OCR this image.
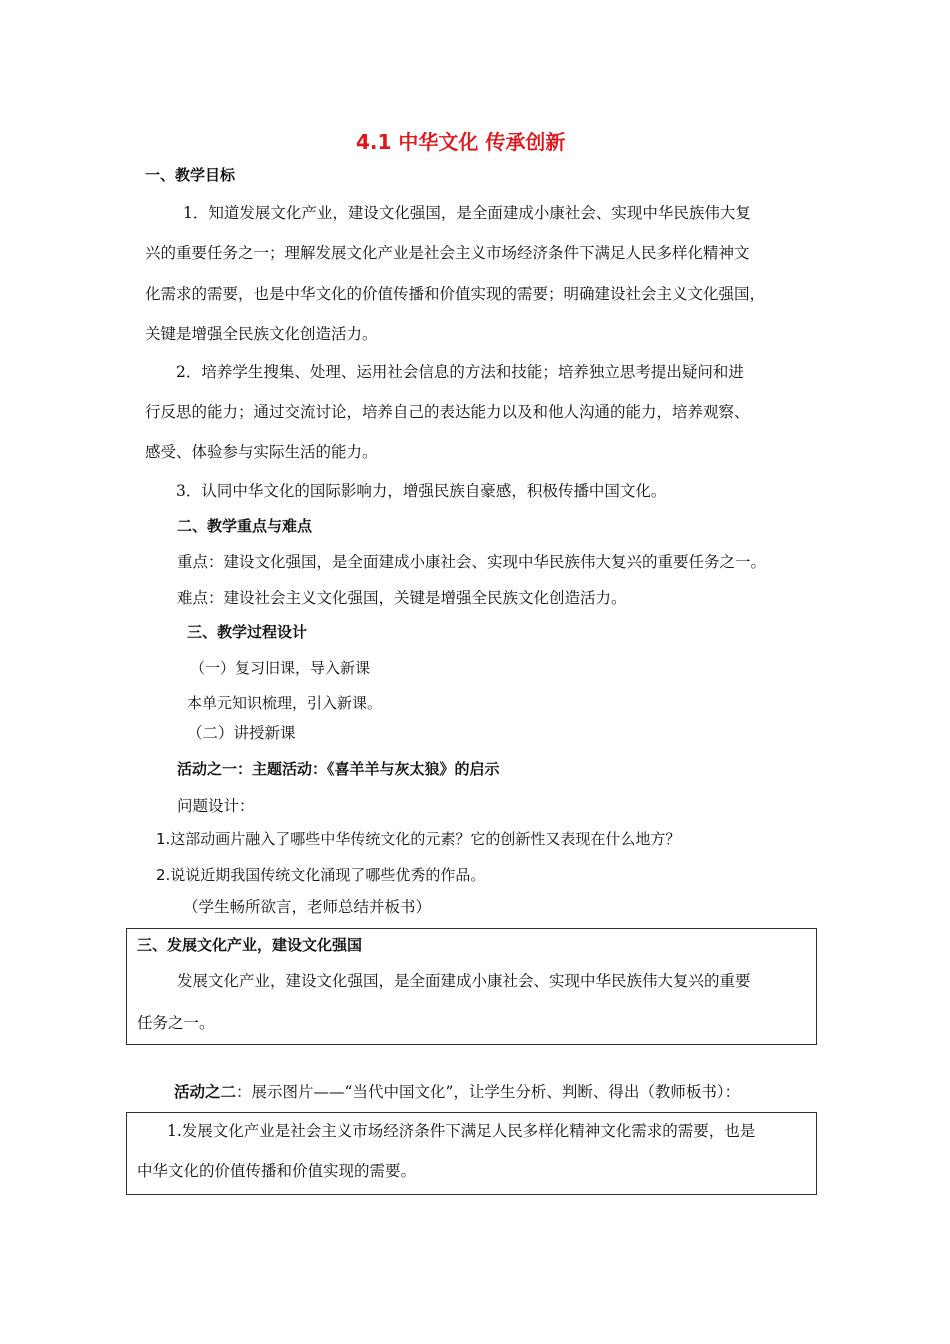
4.1 中华文化 传承创新
一、教学目标
1．知道发展文化产业，建设文化强国，是全面建成小康社会、实现中华民族伟大复
兴的重要任务之一；理解发展文化产业是社会主义市场经济条件下满足人民多样化精神文
化需求的需要，也是中华文化的价值传播和价值实现的需要；明确建设社会主义文化强国，
关键是增强全民族文化创造活力。
2．培养学生搜集、处理、运用社会信息的方法和技能；培养独立思考提出疑问和进
行反思的能力；通过交流讨论，培养自己的表达能力以及和他人沟通的能力，培养观察、
感受、体验参与实际生活的能力。
3．认同中华文化的国际影响力，增强民族自豪感，积极传播中国文化。
二、教学重点与难点
重点：建设文化强国，是全面建成小康社会、实现中华民族伟大复兴的重要任务之一。
难点：建设社会主义文化强国，关键是增强全民族文化创造活力。
三、教学过程设计
（一）复习旧课，导入新课
本单元知识梳理，引入新课。
（二）讲授新课
活动之一：主题活动：《喜羊羊与灰太狼》的启示
问题设计：
1.这部动画片融入了哪些中华传统文化的元素？它的创新性又表现在什么地方？
2.说说近期我国传统文化涌现了哪些优秀的作品。
（学生畅所欲言，老师总结并板书）
三、发展文化产业，建设文化强国
发展文化产业，建设文化强国，是全面建成小康社会、实现中华民族伟大复兴的重要
任务之一。
活动之二：展示图片——“当代中国文化”，让学生分析、判断、得出（教师板书）：
1.发展文化产业是社会主义市场经济条件下满足人民多样化精神文化需求的需要，也是
中华文化的价值传播和价值实现的需要。
